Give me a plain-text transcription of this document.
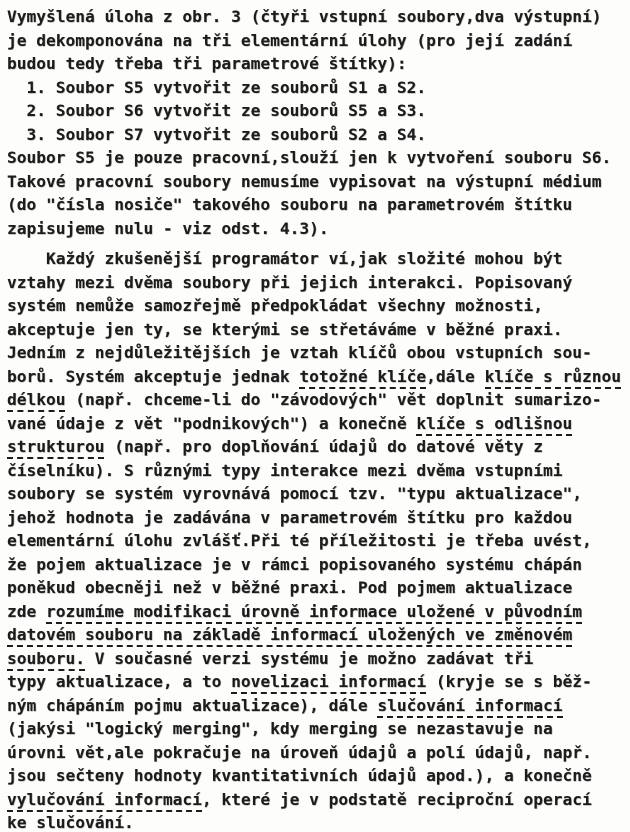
Vymyšlená úloha z obr. 3 (čtyři vstupní soubory,dva výstupní)
je dekomponována na tři elementární úlohy (pro její zadání
budou tedy třeba tři parametrové štítky):
1. Soubor S5 vytvořit ze souborů S1 a S2.
2. Soubor S6 vytvořit ze souborů S5 a S3.
3. Soubor S7 vytvořit ze souborů S2 a S4.
Soubor S5 je pouze pracovní,slouží jen k vytvoření souboru S6.
Takové pracovní soubory nemusíme vypisovat na výstupní médium
(do "čísla nosiče" takového souboru na parametrovém štítku
zapisujeme nulu - viz odst. 4.3).
Každý zkušenější programátor ví,jak složité mohou být
vztahy mezi dvěma soubory při jejich interakci. Popisovaný
systém nemůže samozřejmě předpokládat všechny možnosti,
akceptuje jen ty, se kterými se střetáváme v běžné praxi.
Jedním z nejdůležitějších je vztah klíčů obou vstupních sou-
borů. Systém akceptuje jednak totožné klíče,dále klíče s různou
délkou (např. chceme-li do "závodových" vět doplnit sumarizo-
vané údaje z vět "podnikových") a konečně klíče s odlišnou
strukturou (např. pro doplňování údajů do datové věty z
číselníku). S různými typy interakce mezi dvěma vstupními
soubory se systém vyrovnává pomocí tzv. "typu aktualizace",
jehož hodnota je zadávána v parametrovém štítku pro každou
elementární úlohu zvlášť.Při té příležitosti je třeba uvést,
že pojem aktualizace je v rámci popisovaného systému chápán
poněkud obecněji než v běžné praxi. Pod pojmem aktualizace
zde rozumíme modifikaci úrovně informace uložené v původním
datovém souboru na základě informací uložených ve změnovém
souboru. V současné verzi systému je možno zadávat tři
typy aktualizace, a to novelizaci informací (kryje se s běž-
ným chápáním pojmu aktualizace), dále slučování informací
(jakýsi "logický merging", kdy merging se nezastavuje na
úrovni vět,ale pokračuje na úroveň údajů a polí údajů, např.
jsou sečteny hodnoty kvantitativních údajů apod.), a konečně
vylučování informací, které je v podstatě reciproční operací
ke slučování.
